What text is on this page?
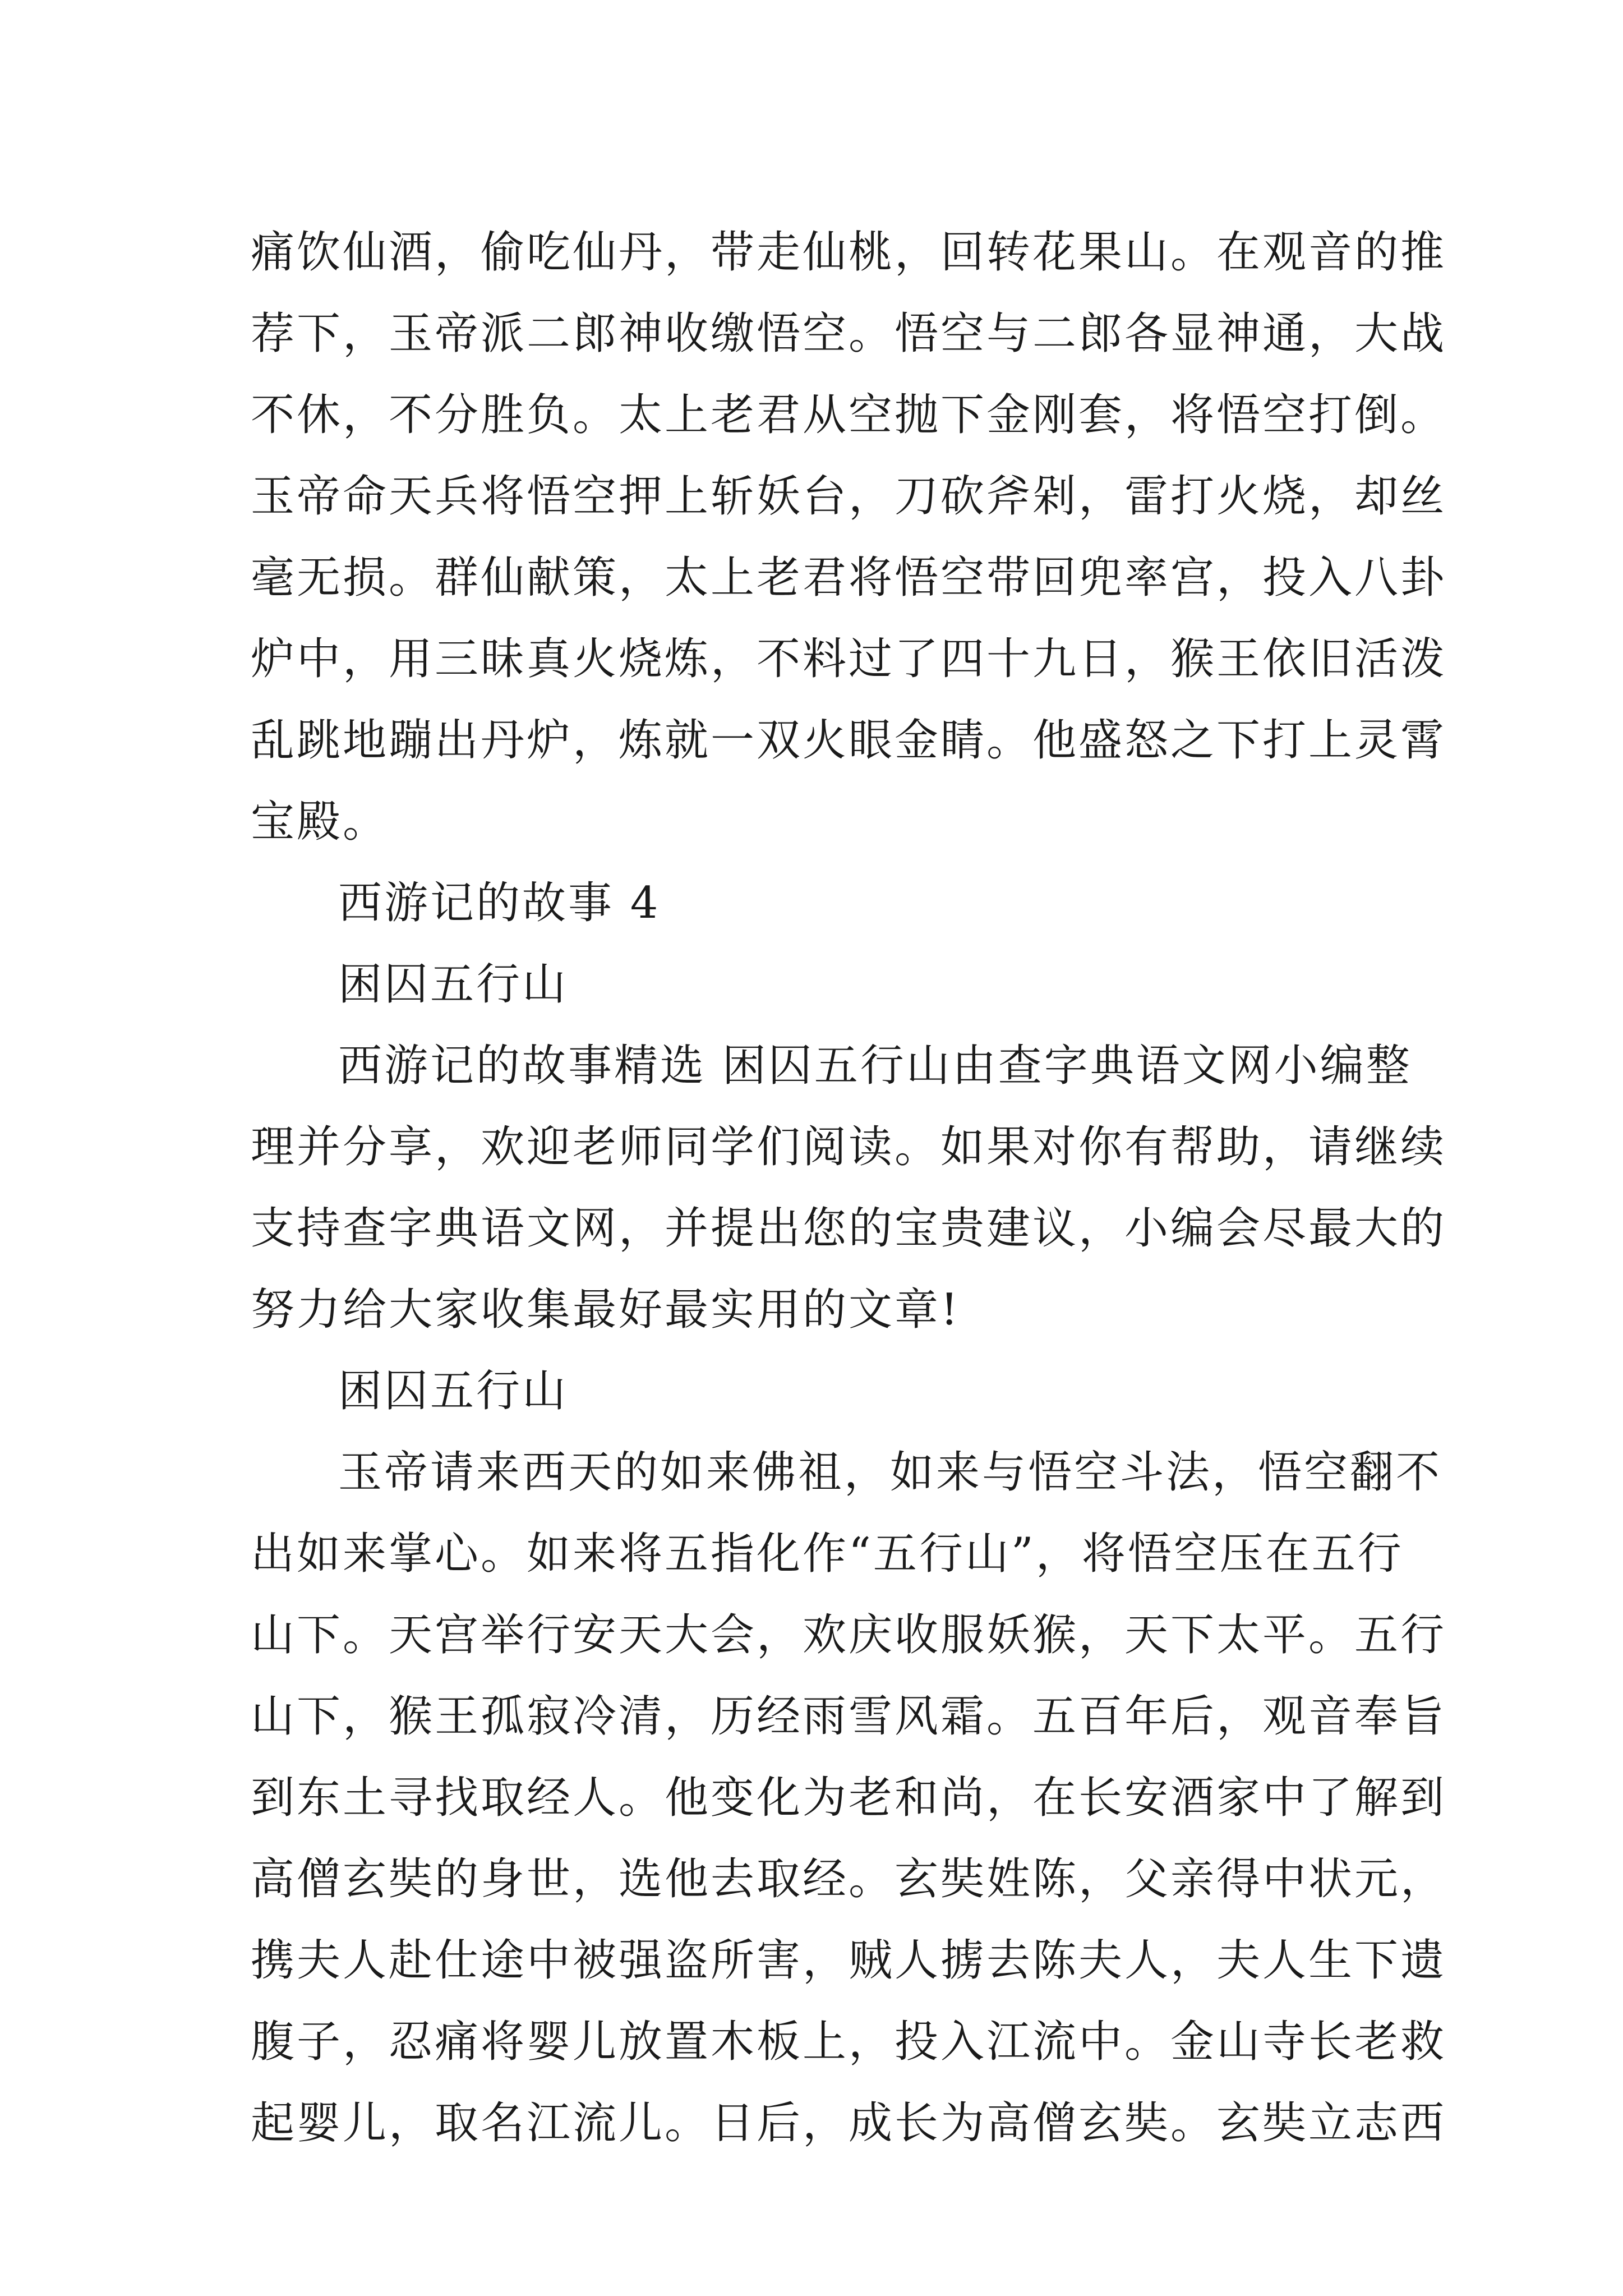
痛饮仙酒，偷吃仙丹，带走仙桃，回转花果山。在观音的推
荐下，玉帝派二郎神收缴悟空。悟空与二郎各显神通，大战
不休，不分胜负。太上老君从空抛下金刚套，将悟空打倒。
玉帝命天兵将悟空押上斩妖台，刀砍斧剁，雷打火烧，却丝
毫无损。群仙献策，太上老君将悟空带回兜率宫，投入八卦
炉中，用三昧真火烧炼，不料过了四十九日，猴王依旧活泼
乱跳地蹦出丹炉，炼就一双火眼金睛。他盛怒之下打上灵霄
宝殿。

西游记的故事 4

困囚五行山

西游记的故事精选 困囚五行山由查字典语文网小编整
理并分享，欢迎老师同学们阅读。如果对你有帮助，请继续
支持查字典语文网，并提出您的宝贵建议，小编会尽最大的
努力给大家收集最好最实用的文章!

困囚五行山

玉帝请来西天的如来佛祖，如来与悟空斗法，悟空翻不
出如来掌心。如来将五指化作“五行山”，将悟空压在五行
山下。天宫举行安天大会，欢庆收服妖猴，天下太平。五行
山下，猴王孤寂冷清，历经雨雪风霜。五百年后，观音奉旨
到东土寻找取经人。他变化为老和尚，在长安酒家中了解到
高僧玄奘的身世，选他去取经。玄奘姓陈，父亲得中状元，
携夫人赴仕途中被强盗所害，贼人掳去陈夫人，夫人生下遗
腹子，忍痛将婴儿放置木板上，投入江流中。金山寺长老救
起婴儿，取名江流儿。日后，成长为高僧玄奘。玄奘立志西
